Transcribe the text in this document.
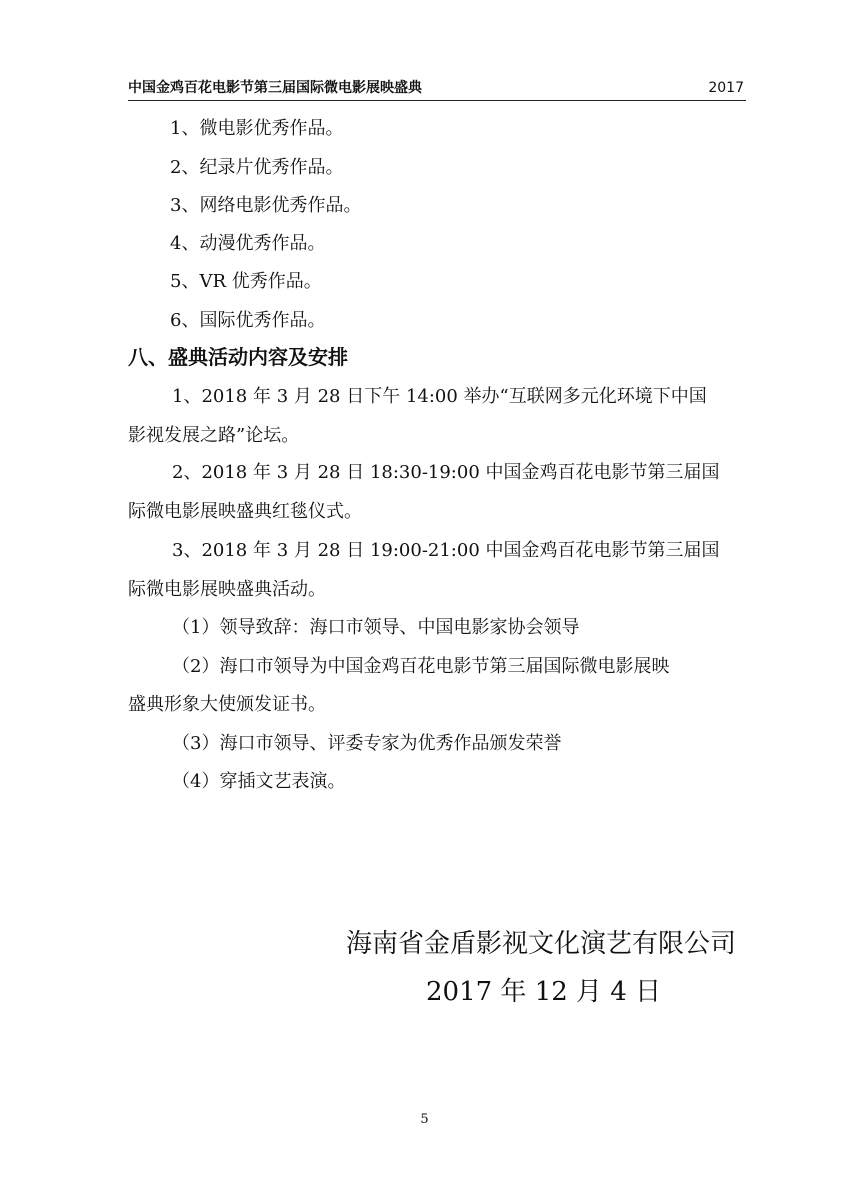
中国金鸡百花电影节第三届国际微电影展映盛典	2017
1、微电影优秀作品。
2、纪录片优秀作品。
3、网络电影优秀作品。
4、动漫优秀作品。
5、VR 优秀作品。
6、国际优秀作品。
八、盛典活动内容及安排
1、2018 年 3 月 28 日下午 14:00 举办“互联网多元化环境下中国
影视发展之路”论坛。
2、2018 年 3 月 28 日 18:30-19:00 中国金鸡百花电影节第三届国
际微电影展映盛典红毯仪式。
3、2018 年 3 月 28 日 19:00-21:00 中国金鸡百花电影节第三届国
际微电影展映盛典活动。
（1）领导致辞：海口市领导、中国电影家协会领导
（2）海口市领导为中国金鸡百花电影节第三届国际微电影展映
盛典形象大使颁发证书。
（3）海口市领导、评委专家为优秀作品颁发荣誉
（4）穿插文艺表演。
海南省金盾影视文化演艺有限公司
2017 年 12 月 4 日
5
